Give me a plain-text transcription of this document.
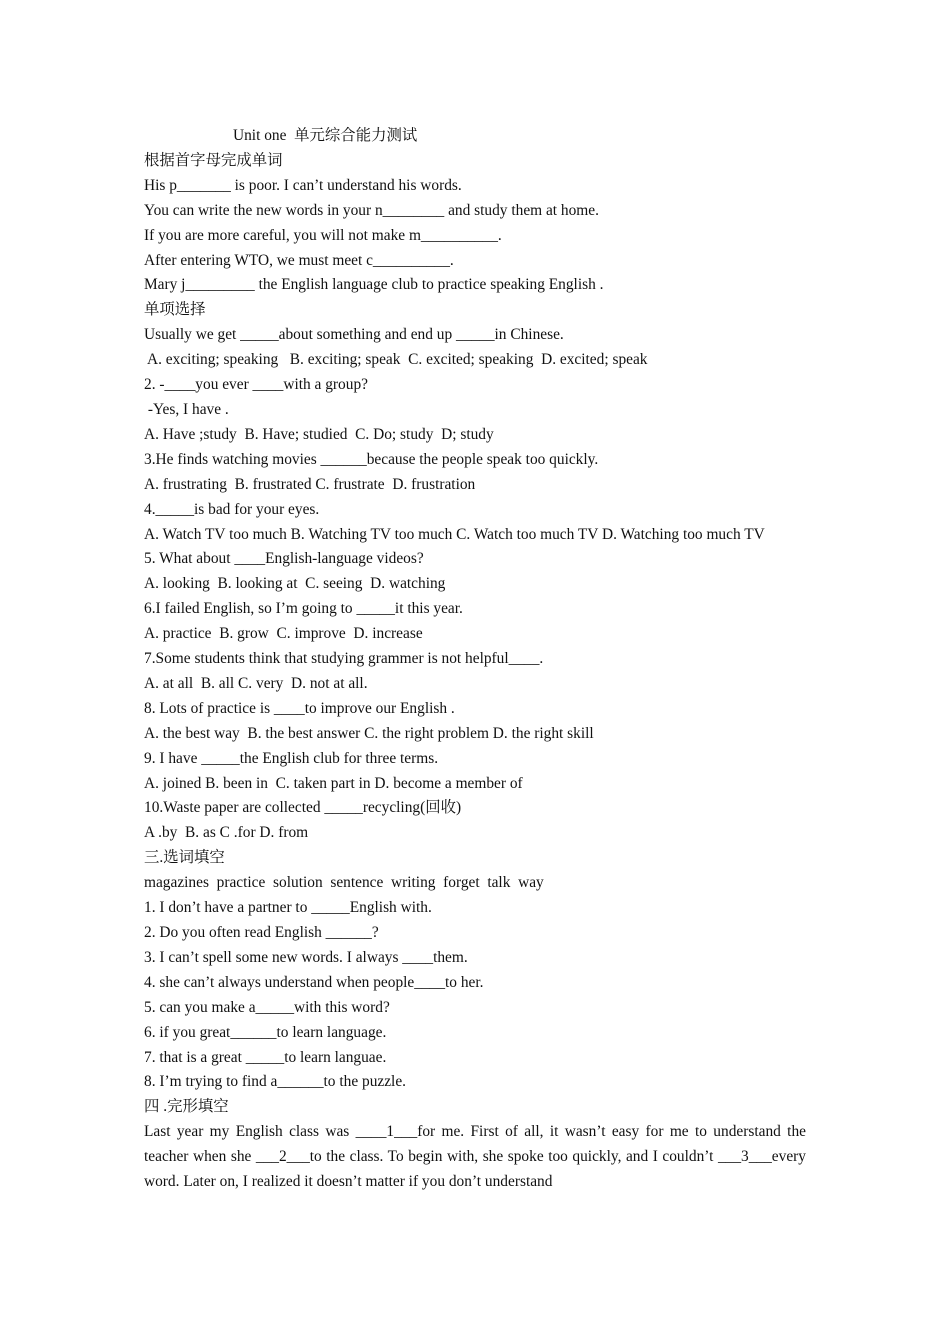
Unit one  单元综合能力测试
根据首字母完成单词
His p_______ is poor. I can’t understand his words.
You can write the new words in your n________ and study them at home.
If you are more careful, you will not make m__________.
After entering WTO, we must meet c__________.
Mary j_________ the English language club to practice speaking English .
单项选择
Usually we get _____about something and end up _____in Chinese.
A. exciting; speaking   B. exciting; speak  C. excited; speaking  D. excited; speak
2. -____you ever ____with a group?
-Yes, I have .
A. Have ;study  B. Have; studied  C. Do; study  D; study
3.He finds watching movies ______because the people speak too quickly.
A. frustrating  B. frustrated C. frustrate  D. frustration
4._____is bad for your eyes.
A. Watch TV too much B. Watching TV too much C. Watch too much TV D. Watching too much TV
5. What about ____English-language videos?
A. looking  B. looking at  C. seeing  D. watching
6.I failed English, so I’m going to _____it this year.
A. practice  B. grow  C. improve  D. increase
7.Some students think that studying grammer is not helpful____.
A. at all  B. all C. very  D. not at all.
8. Lots of practice is ____to improve our English .
A. the best way  B. the best answer C. the right problem D. the right skill
9. I have _____the English club for three terms.
A. joined B. been in  C. taken part in D. become a member of
10.Waste paper are collected _____recycling(回收)
A .by  B. as C .for D. from
三.选词填空
magazines  practice  solution  sentence  writing  forget  talk  way
1. I don’t have a partner to _____English with.
2. Do you often read English ______?
3. I can’t spell some new words. I always ____them.
4. she can’t always understand when people____to her.
5. can you make a_____with this word?
6. if you great______to learn language.
7. that is a great _____to learn languae.
8. I’m trying to find a______to the puzzle.
四 .完形填空
Last year my English class was ____1___for me. First of all, it wasn’t easy for me to understand the teacher when she ___2___to the class. To begin with, she spoke too quickly, and I couldn’t ___3___every word. Later on, I realized it doesn’t matter if you don’t understand
